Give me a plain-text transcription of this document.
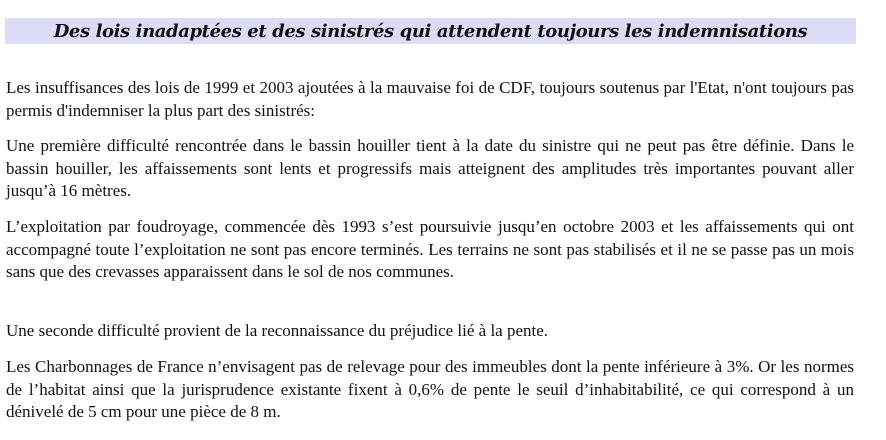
Des lois inadaptées et des sinistrés qui attendent toujours les indemnisations

Les insuffisances des lois de 1999 et 2003 ajoutées à la mauvaise foi de CDF, toujours soutenus par l'Etat, n'ont toujours pas permis d'indemniser la plus part des sinistrés:

Une première difficulté rencontrée dans le bassin houiller tient à la date du sinistre qui ne peut pas être définie. Dans le bassin houiller, les affaissements sont lents et progressifs mais atteignent des amplitudes très importantes pouvant aller jusqu’à 16 mètres.

L’exploitation par foudroyage, commencée dès 1993 s’est poursuivie jusqu’en octobre 2003 et les affaissements qui ont accompagné toute l’exploitation ne sont pas encore terminés. Les terrains ne sont pas stabilisés et il ne se passe pas un mois sans que des crevasses apparaissent dans le sol de nos communes.

Une seconde difficulté provient de la reconnaissance du préjudice lié à la pente.

Les Charbonnages de France n’envisagent pas de relevage pour des immeubles dont la pente inférieure à 3%. Or les normes de l’habitat ainsi que la jurisprudence existante fixent à 0,6% de pente le seuil d’inhabitabilité, ce qui correspond à un dénivelé de 5 cm pour une pièce de 8 m.
